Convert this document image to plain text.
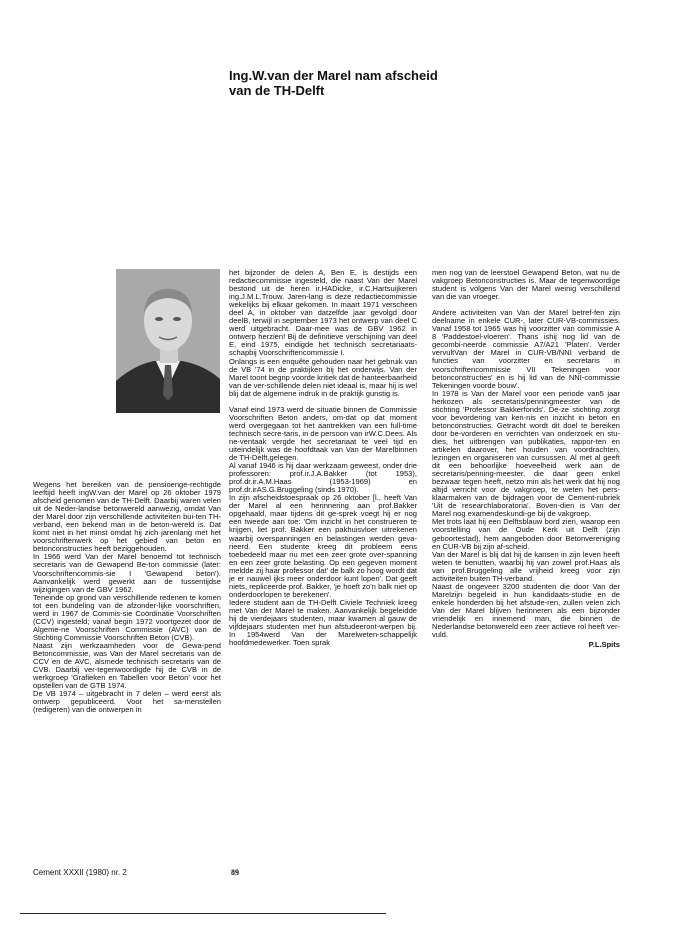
Ing.W.van der Marel nam afscheid
van de TH-Delft

Wegens het bereiken van de pensioenge-rechtigde leeftijd heeft ingW.van der Marel op 26 oktober 1979 afscheid genomen van de TH-Delft. Daarbij waren velen uit de Neder-landse betonwereld aanwezig, omdat Van der Marel door zijn verschillende activiteiten bui-ten TH-verband, een bekend man in de beton-wereld is. Dat komt niet in het minst omdat hij zich jarenlang met het voorschriftenwerk op het gebied van beton en betonconstructies heeft beziggehouden.

In 1966 werd Van der Marel benoemd tot technisch secretaris van de Gewapend Be-ton commissie (later: Voorschriftencornmis-sie I 'Gewapend beton'). Aanvankelijk werd gewerkt aan de tussentijdse wijzigingen van de GBV 1962.

Teneinde op grond van verschillende redenen te komen tot een bundeling van de afzonder-lijke voorschriften, werd in 1967 de Commis-sie Coördinatie Voorschriften (CCV) ingesteld; vanaf begin 1972 voortgezet door de Algeme-ne Voorschriften Commissie (AVC) van de Stichting Commissie Voorschriften Beton (CVB).

Naast zijn werkzaamheden voor de Gewa-pend Betoncommissie, was Van der Marel secretaris van de CCV en de AVC, alsmede technisch secretaris van de CVB. Daarbij ver-tegenwoordigde hij de CVB in de werkgroep 'Grafieken en Tabellen voor Beton' voor het opstellen van de GTB 1974.

De VB 1974 – uitgebracht in 7 delen – werd eerst als ontwerp gepubliceerd. Voor het sa-menstellen (redigeren) van die ontwerpen in

het bijzonder de delen A, Ben E, is destijds een redactiecommissie ingesteld, die naast Van der Marel bestond uit de heren ir.HADicke, ir.C.Hartsuijkeren ing.J.M.L.Trouw. Jaren-lang is deze redactiecommissie wekelijks bij elkaar gekomen. In maart 1971 verscheen deel A, in oktober van datzelfde jaar gevolgd door deelB, terwijl in september 1973 het ontwerp van deel C werd uitgebracht. Daar-mee was de GBV 1962 in ontwerp herzien! Bij de definitieve verschijning van deel E, eind 1975, eindigde het technisch secretariaats-schapbij Voorschriftencommissie I.

Onlangs is een enquête gehouden naar het gebruik van de VB '74 in de praktijken bij het onderwijs. Van der Marel toont begrip voorde kritiek dat de hanteerbaarheid van de ver-schillende delen niet ideaal is, maar hij is wel blij dat de algemene indruk in de praktijk gunstig is.

Vanaf eind 1973 werd de situatie binnen de Commissie Voorschriften Beton anders, om-dat op dat moment werd overgegaan tot het aantrekken van een full-time technisch secre-taris, in de persoon van irW.C.Dees. Als ne-ventaak vergde het secretariaat te veel tijd en uiteindelijk was de hoofdtaak van Van der Marelbinnen de TH-Delft,gelegen.

Al vanaf 1946 is hij daar werkzaam geweest, onder drie professoren: prof.ir.J.A.Bakker (tot 1953), prof.dr.ir.A.M.Haas (1953-1969) en prof.dr.irAS.G.Bruggeling (sinds 1970).

In zijn afscheidstoespraak op 26 oktober [l., heeft Van der Marel al een herinnering aan prof.Bakker opgehaald, maar tijdens dit ge-sprek voegt hij er nog een tweede aan toe: 'Om inzicht in het construeren te krijgen, liet prof. Bakker een pakhuisvloer uitrekenen waarbij overspanningen en belastingen werden geva-rieerd. Een studente kreeg dit probleem eens toebedeeld maar nu met een zeer grote over-spanning en een zeer grote belasting. Op een gegeven moment meldde zij haar professor dat' de balk zo hoog wordt dat je er nauwel ijks meer onderdoor kunt lopen'. Dat geeft niets, repliceerde prof. Bakker, 'je hoeft zo'n balk niet op onderdoorlopen te berekenen'.

Iedere student aan de TH-Delft Civiele Techniek kreeg met Van der Marel te maken. Aanvankelijk begeleidde hij de vierdejaars studenten, maar kwamen al gauw de vijfdejaars studenten met hun afstudeeront-werpen bij. In 1954werd Van der Marelweten-schappelijk hoofdmedewerker. Toen sprak

men nog van de leerstoel Gewapend Beton, wat nu de vakgroep Betonconstructies is. Maar de tegenwoordige student is volgens Van der Marel weinig verschillend van die van vroeger.

Andere activiteiten van Van der Marel betref-fen zijn deelname in enkele CUR-, later CUR-VB-commissies. Vanaf 1958 tot 1965 was hij voorzitter van commissie A 8 'Paddestoel-vloeren'. Thans ishij nog lid van de gecombi-neerde commissie A7/A21 'Platen'. Verder vervultVan der Marel in CUR-VB/NNI verband de functies van voorzitter en secretaris in voorschriftencommissie VII Tekeningen voor betonconstructies' en is hij lid van de NNI-commissie Tekeningen voorde bouw'.

In 1978 is Van der Marel voor een periode van5 jaar herkozen als secretaris/penningmeester van de stichting 'Professor Bakkerfonds'. De-ze stichting zorgt voor bevordering van ken-nis en inzicht in beton en betonconstructies. Getracht wordt dit doel te bereiken door be-vorderen en verrichten van onderzoek en stu-dies, het uitbrengen van publikaties, rappor-ten en artikelen daarover, het houden van voordrachten, lezingen en organiseren van cursussen. Al met al geeft dit een behoorlijke hoeveelheid werk aan de secretaris/penning-meester, die daar geen enkel bezwaar tegen heeft, netzo min als het werk dat hij nog altijd verricht voor de vakgroep, te weten het pers-klaarmaken van de bijdragen voor de Cement-rubriek 'Uit de researchlaboratoria'. Boven-dien is Van der Marel nog examendeskundi-ge bij de vakgroep.

Met trots laat hij een Delftsblauw bord zien, waarop een voorstelling van de Oude Kerk uit Delft (zijn geboortestad), hem aangeboden door Betonvereniging en CUR-VB bij zijn af-scheid.

Van der Marel is blij dat hij de kansen in zijn leven heeft weten te benutten, waarbij hij van zowel prof.Haas als van prof.Bruggeling alle vrijheid kreeg voor zijn activiteiten buiten TH-verband.

Naast de ongeveer 3200 studenten die door Van der Marelzijn begeleid in hun kandidaats-studie en de enkele honderden bij het afstude-ren, zullen velen zich Van der Marel blijven herinneren als een bijzonder vriendelijk en innemend man, die binnen de Nederlandse betonwereld een zeer actieve rol heeft ver-vuld.

P.L.Spits

Cement XXXII (1980) nr. 2	89
